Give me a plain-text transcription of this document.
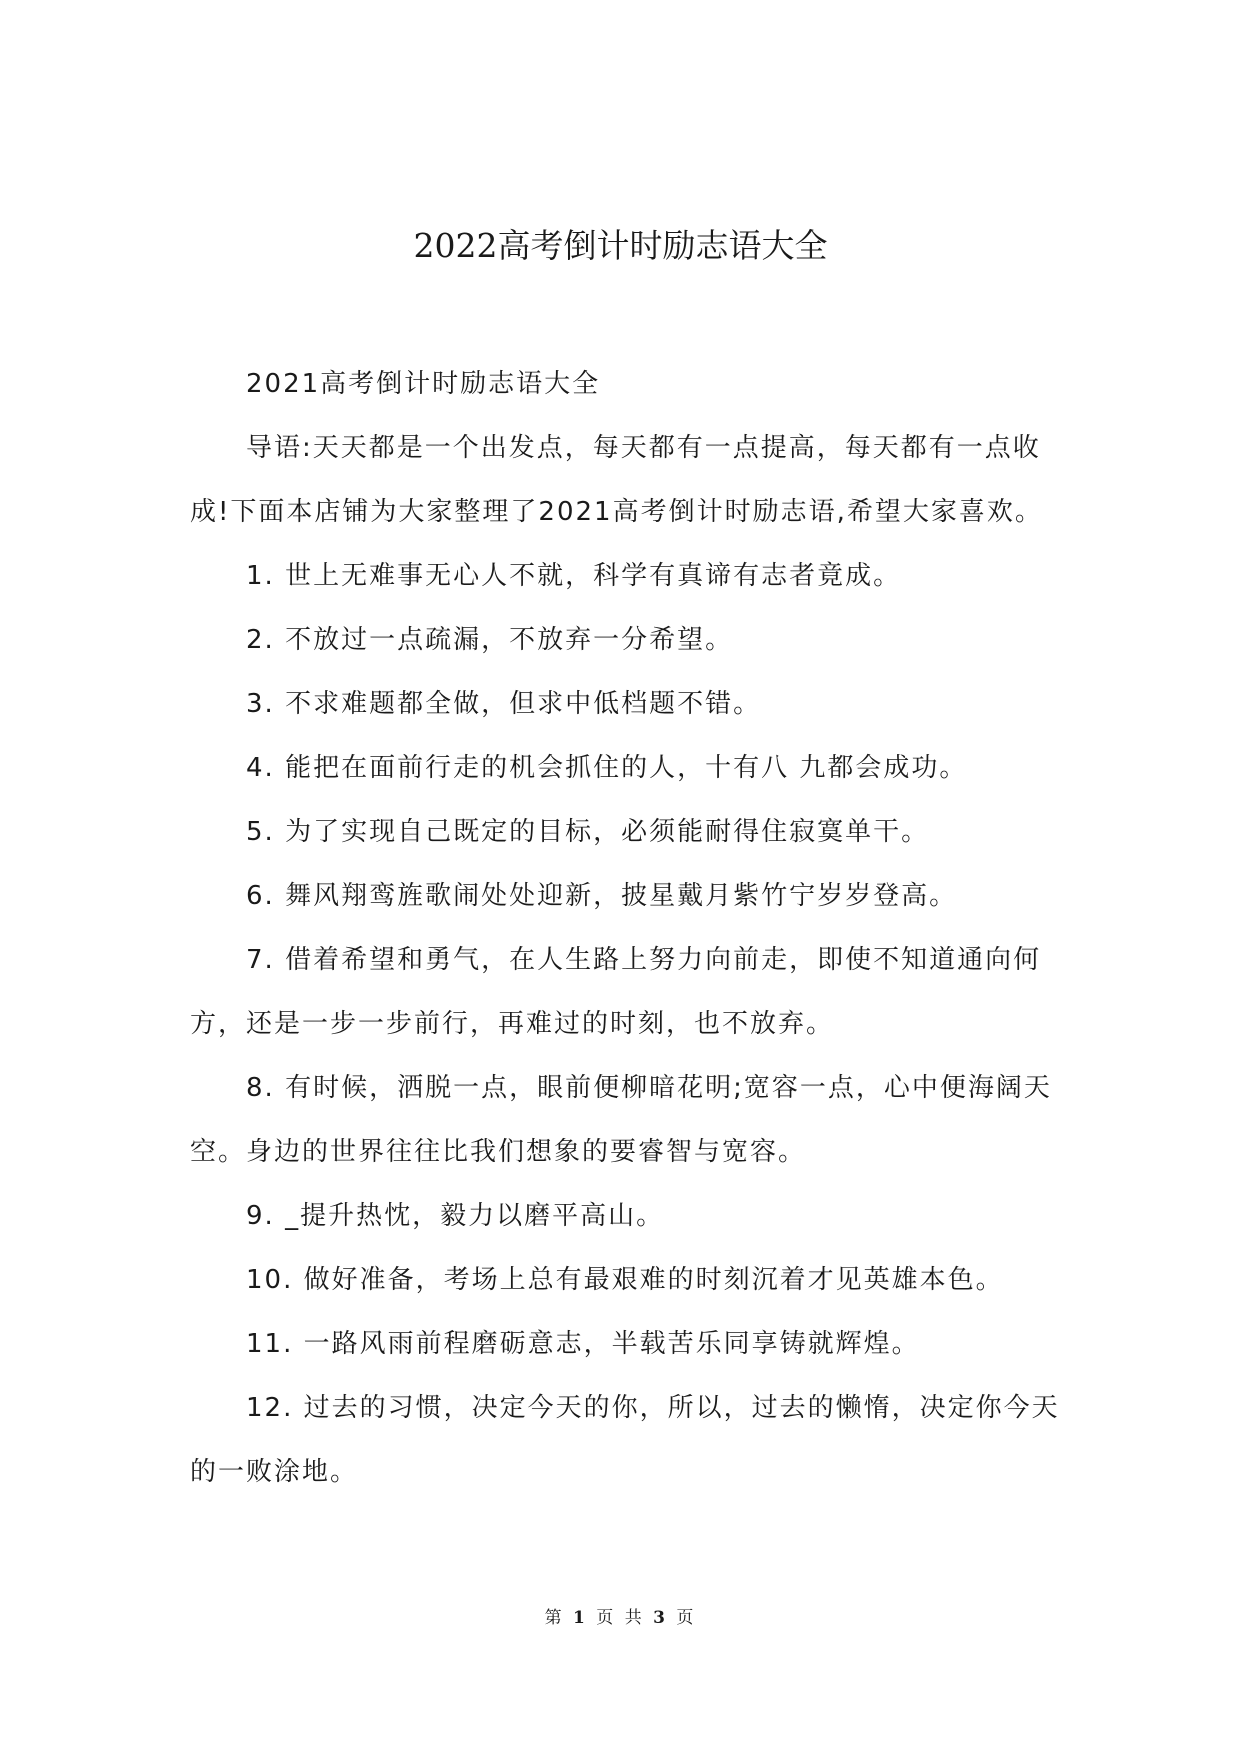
2022高考倒计时励志语大全

2021高考倒计时励志语大全

导语:天天都是一个出发点，每天都有一点提高，每天都有一点收成!下面本店铺为大家整理了2021高考倒计时励志语,希望大家喜欢。

1. 世上无难事无心人不就，科学有真谛有志者竟成。

2. 不放过一点疏漏，不放弃一分希望。

3. 不求难题都全做，但求中低档题不错。

4. 能把在面前行走的机会抓住的人，十有八 九都会成功。

5. 为了实现自己既定的目标，必须能耐得住寂寞单干。

6. 舞风翔鸾旌歌闹处处迎新，披星戴月紫竹宁岁岁登高。

7. 借着希望和勇气，在人生路上努力向前走，即使不知道通向何方，还是一步一步前行，再难过的时刻，也不放弃。

8. 有时候，洒脱一点，眼前便柳暗花明;宽容一点，心中便海阔天空。身边的世界往往比我们想象的要睿智与宽容。

9. _提升热忱，毅力以磨平高山。

10. 做好准备，考场上总有最艰难的时刻沉着才见英雄本色。

11. 一路风雨前程磨砺意志，半载苦乐同享铸就辉煌。

12. 过去的习惯，决定今天的你，所以，过去的懒惰，决定你今天的一败涂地。

第 1 页 共 3 页
